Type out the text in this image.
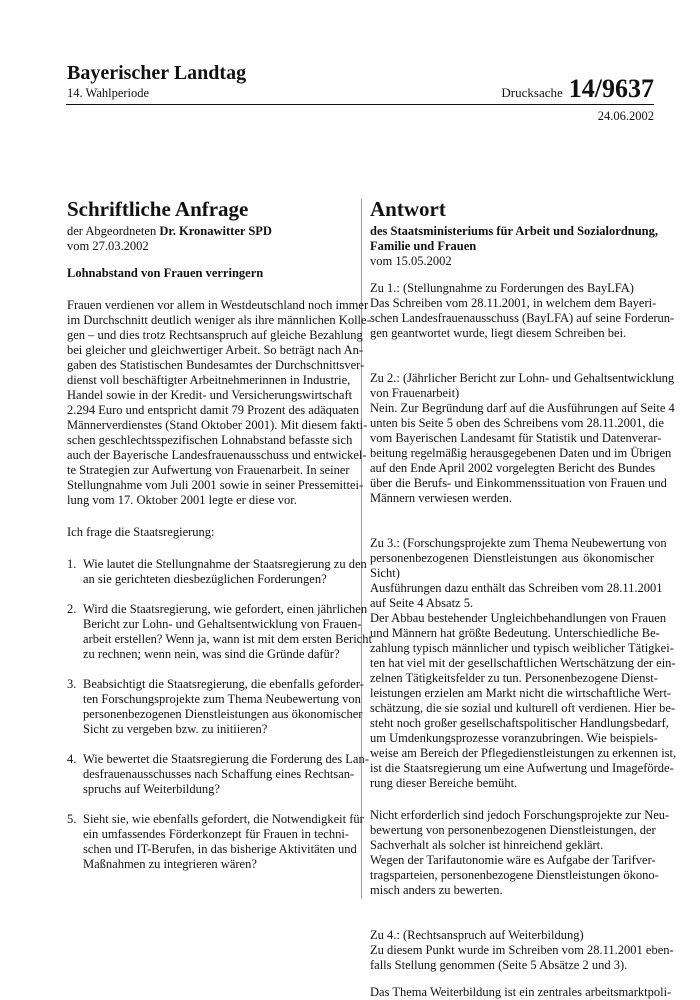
Bayerischer Landtag
14. Wahlperiode	Drucksache 14/9637
24.06.2002
Schriftliche Anfrage
der Abgeordneten Dr. Kronawitter SPD
vom 27.03.2002
Lohnabstand von Frauen verringern
Frauen verdienen vor allem in Westdeutschland noch immer
im Durchschnitt deutlich weniger als ihre männlichen Kolle-
gen – und dies trotz Rechtsanspruch auf gleiche Bezahlung
bei gleicher und gleichwertiger Arbeit. So beträgt nach An-
gaben des Statistischen Bundesamtes der Durchschnittsver-
dienst voll beschäftigter Arbeitnehmerinnen in Industrie,
Handel sowie in der Kredit- und Versicherungswirtschaft
2.294 Euro und entspricht damit 79 Prozent des adäquaten
Männerverdienstes (Stand Oktober 2001). Mit diesem fakti-
schen geschlechtsspezifischen Lohnabstand befasste sich
auch der Bayerische Landesfrauenausschuss und entwickel-
te Strategien zur Aufwertung von Frauenarbeit. In seiner
Stellungnahme vom Juli 2001 sowie in seiner Pressemittei-
lung vom 17. Oktober 2001 legte er diese vor.
Ich frage die Staatsregierung:
1. Wie lautet die Stellungnahme der Staatsregierung zu den
an sie gerichteten diesbezüglichen Forderungen?
2. Wird die Staatsregierung, wie gefordert, einen jährlichen
Bericht zur Lohn- und Gehaltsentwicklung von Frauen-
arbeit erstellen? Wenn ja, wann ist mit dem ersten Bericht
zu rechnen; wenn nein, was sind die Gründe dafür?
3. Beabsichtigt die Staatsregierung, die ebenfalls geforder-
ten Forschungsprojekte zum Thema Neubewertung von
personenbezogenen Dienstleistungen aus ökonomischer
Sicht zu vergeben bzw. zu initiieren?
4. Wie bewertet die Staatsregierung die Forderung des Lan-
desfrauenausschusses nach Schaffung eines Rechtsan-
spruchs auf Weiterbildung?
5. Sieht sie, wie ebenfalls gefordert, die Notwendigkeit für
ein umfassendes Förderkonzept für Frauen in techni-
schen und IT-Berufen, in das bisherige Aktivitäten und
Maßnahmen zu integrieren wären?
Antwort
des Staatsministeriums für Arbeit und Sozialordnung,
Familie und Frauen
vom 15.05.2002
Zu 1.: (Stellungnahme zu Forderungen des BayLFA)
Das Schreiben vom 28.11.2001, in welchem dem Bayeri-
schen Landesfrauenausschuss (BayLFA) auf seine Forderun-
gen geantwortet wurde, liegt diesem Schreiben bei.
Zu 2.: (Jährlicher Bericht zur Lohn- und Gehaltsentwicklung
von Frauenarbeit)
Nein. Zur Begründung darf auf die Ausführungen auf Seite 4
unten bis Seite 5 oben des Schreibens vom 28.11.2001, die
vom Bayerischen Landesamt für Statistik und Datenverar-
beitung regelmäßig herausgegebenen Daten und im Übrigen
auf den Ende April 2002 vorgelegten Bericht des Bundes
über die Berufs- und Einkommenssituation von Frauen und
Männern verwiesen werden.
Zu 3.: (Forschungsprojekte zum Thema Neubewertung von
personenbezogenen Dienstleistungen aus ökonomischer
Sicht)
Ausführungen dazu enthält das Schreiben vom 28.11.2001
auf Seite 4 Absatz 5.
Der Abbau bestehender Ungleichbehandlungen von Frauen
und Männern hat größte Bedeutung. Unterschiedliche Be-
zahlung typisch männlicher und typisch weiblicher Tätigkei-
ten hat viel mit der gesellschaftlichen Wertschätzung der ein-
zelnen Tätigkeitsfelder zu tun. Personenbezogene Dienst-
leistungen erzielen am Markt nicht die wirtschaftliche Wert-
schätzung, die sie sozial und kulturell oft verdienen. Hier be-
steht noch großer gesellschaftspolitischer Handlungsbedarf,
um Umdenkungsprozesse voranzubringen. Wie beispiels-
weise am Bereich der Pflegedienstleistungen zu erkennen ist,
ist die Staatsregierung um eine Aufwertung und Imageförde-
rung dieser Bereiche bemüht.
Nicht erforderlich sind jedoch Forschungsprojekte zur Neu-
bewertung von personenbezogenen Dienstleistungen, der
Sachverhalt als solcher ist hinreichend geklärt.
Wegen der Tarifautonomie wäre es Aufgabe der Tarifver-
tragsparteien, personenbezogene Dienstleistungen ökono-
misch anders zu bewerten.
Zu 4.: (Rechtsanspruch auf Weiterbildung)
Zu diesem Punkt wurde im Schreiben vom 28.11.2001 eben-
falls Stellung genommen (Seite 5 Absätze 2 und 3).
Das Thema Weiterbildung ist ein zentrales arbeitsmarktpoli-
